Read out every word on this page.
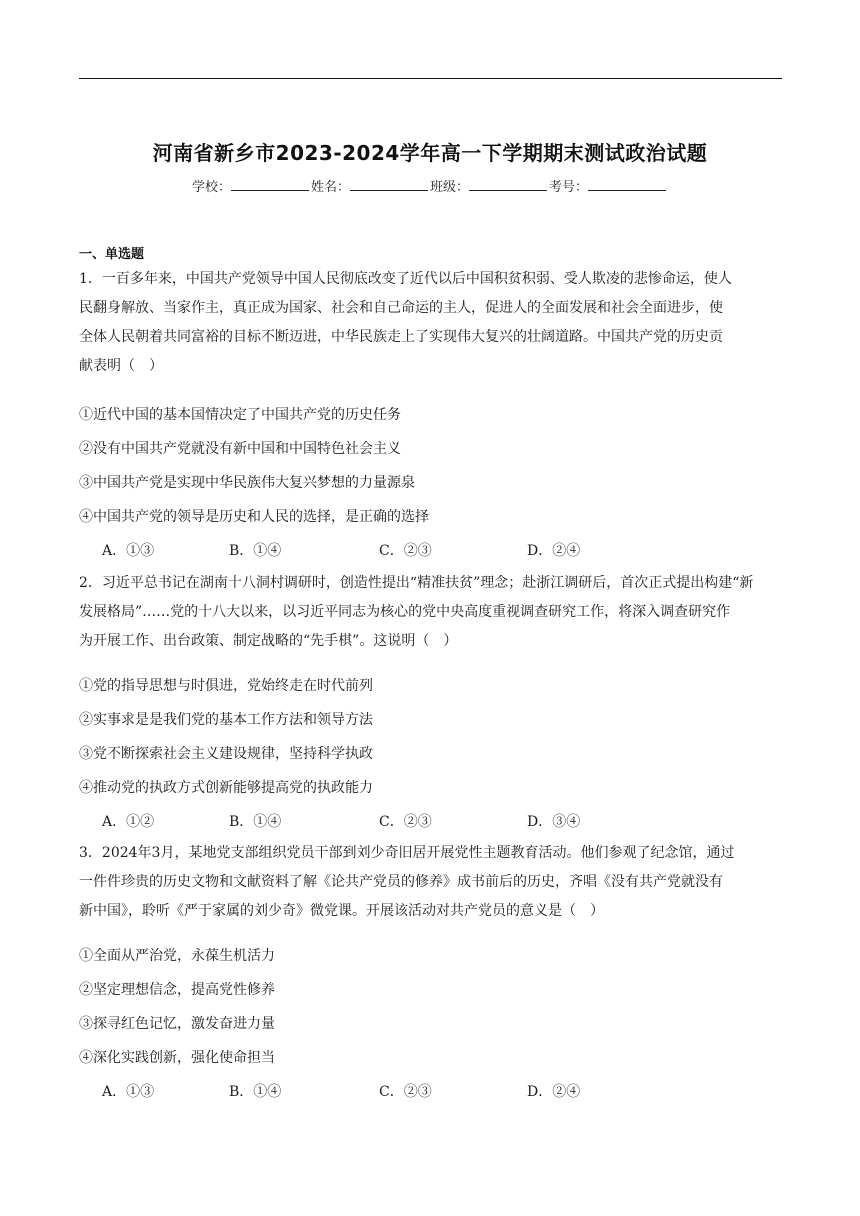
河南省新乡市2023-2024学年高一下学期期末测试政治试题
学校：	姓名：	班级：	考号：
一、单选题
1．一百多年来，中国共产党领导中国人民彻底改变了近代以后中国积贫积弱、受人欺凌的悲惨命运，使人
民翻身解放、当家作主，真正成为国家、社会和自己命运的主人，促进人的全面发展和社会全面进步，使
全体人民朝着共同富裕的目标不断迈进，中华民族走上了实现伟大复兴的壮阔道路。中国共产党的历史贡
献表明（　）
①近代中国的基本国情决定了中国共产党的历史任务
②没有中国共产党就没有新中国和中国特色社会主义
③中国共产党是实现中华民族伟大复兴梦想的力量源泉
④中国共产党的领导是历史和人民的选择，是正确的选择
A．①③	B．①④	C．②③	D．②④
2．习近平总书记在湖南十八洞村调研时，创造性提出“精准扶贫”理念；赴浙江调研后，首次正式提出构建“新
发展格局”……党的十八大以来，以习近平同志为核心的党中央高度重视调查研究工作，将深入调查研究作
为开展工作、出台政策、制定战略的“先手棋”。这说明（　）
①党的指导思想与时俱进，党始终走在时代前列
②实事求是是我们党的基本工作方法和领导方法
③党不断探索社会主义建设规律，坚持科学执政
④推动党的执政方式创新能够提高党的执政能力
A．①②	B．①④	C．②③	D．③④
3．2024年3月，某地党支部组织党员干部到刘少奇旧居开展党性主题教育活动。他们参观了纪念馆，通过
一件件珍贵的历史文物和文献资料了解《论共产党员的修养》成书前后的历史，齐唱《没有共产党就没有
新中国》，聆听《严于家属的刘少奇》微党课。开展该活动对共产党员的意义是（　）
①全面从严治党，永葆生机活力
②坚定理想信念，提高党性修养
③探寻红色记忆，激发奋进力量
④深化实践创新，强化使命担当
A．①③	B．①④	C．②③	D．②④
